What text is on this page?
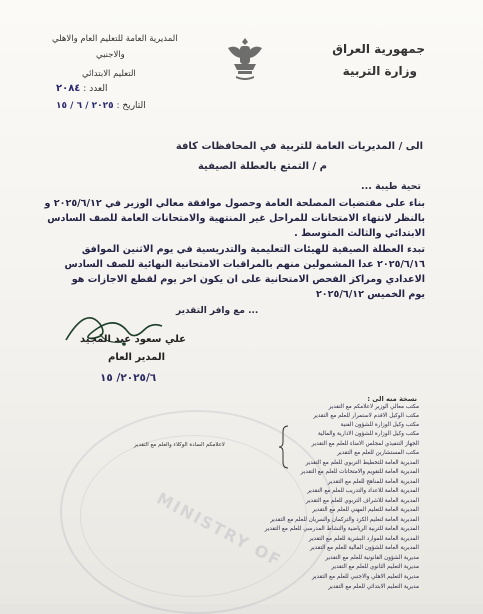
جمهورية العراق
وزارة التربية
المديرية العامة للتعليم العام والاهلي
والاجنبي
التعليم الابتدائي
العدد : ٢٠٨٤
التاريخ : ٢٠٢٥ / ٦ / ١٥
الى / المديريات العامة للتربية في المحافظات كافة
م / التمتع بالعطلة الصيفية
تحية طيبة ...
بناء على مقتضيات المصلحة العامة وحصول موافقة معالي الوزير في ٢٠٢٥/٦/١٢ و
بالنظر لانتهاء الامتحانات للمراحل غير المنتهية والامتحانات العامة للصف السادس
الابتدائي والثالث المتوسط .
تبدء العطلة الصيفية للهيئات التعليمية والتدريسية في يوم الاثنين الموافق
٢٠٢٥/٦/١٦ عدا المشمولين منهم بالمراقبات الامتحانية النهائية للصف السادس
الاعدادي ومراكز الفحص الامتحانية على ان يكون اخر يوم لقطع الاجازات هو
يوم الخميس ٢٠٢٥/٦/١٢
... مع وافر التقدير
علي سعود عبد المجيد
المدير العام
٢٠٢٥/٦/ ١٥
MINISTRY OF
نسخة منه الى :
مكتب معالي الوزير لاعلامكم مع التقدير
مكتب الوكيل الاقدم لاستمرار للعلم مع التقدير
مكتب وكيل الوزارة للشؤون الفنية
مكتب وكيل الوزارة للشؤون الادارية والمالية
الجهاز التنفيذي لمجلس الامناء للعلم مع التقدير
مكتب المستشارين للعلم مع التقدير
المديرية العامة للتخطيط التربوي للعلم مع التقدير
المديرية العامة للتقويم والامتحانات للعلم مع التقدير
المديرية العامة للمناهج للعلم مع التقدير
المديرية العامة للاعداد والتدريب للعلم مع التقدير
المديرية العامة للاشراف التربوي للعلم مع التقدير
المديرية العامة للتعليم المهني للعلم مع التقدير
المديرية العامة لتعليم الكرد والتركمان والسريان للعلم مع التقدير
المديرية العامة للتربية الرياضية والنشاط المدرسي للعلم مع التقدير
المديرية العامة للموارد البشرية للعلم مع التقدير
المديرية العامة للشؤون المالية للعلم مع التقدير
مديرية الشؤون القانونية للعلم مع التقدير
مديرية التعليم الثانوي للعلم مع التقدير
مديرية التعليم الاهلي والاجنبي للعلم مع التقدير
مديرية التعليم الابتدائي للعلم مع التقدير
لاعلامكم السادة الوكلاء والعلم مع التقدير
